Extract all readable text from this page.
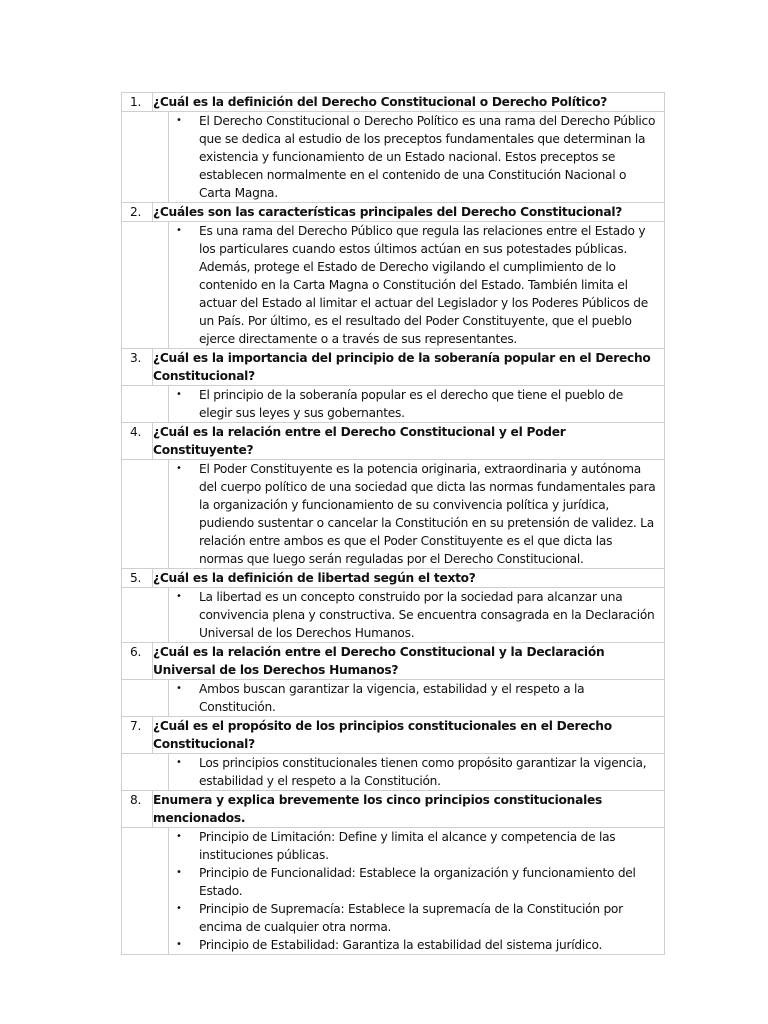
1. ¿Cuál es la definición del Derecho Constitucional o Derecho Político?
•	El Derecho Constitucional o Derecho Político es una rama del Derecho Público que se dedica al estudio de los preceptos fundamentales que determinan la existencia y funcionamiento de un Estado nacional. Estos preceptos se establecen normalmente en el contenido de una Constitución Nacional o Carta Magna.
2. ¿Cuáles son las características principales del Derecho Constitucional?
•	Es una rama del Derecho Público que regula las relaciones entre el Estado y los particulares cuando estos últimos actúan en sus potestades públicas. Además, protege el Estado de Derecho vigilando el cumplimiento de lo contenido en la Carta Magna o Constitución del Estado. También limita el actuar del Estado al limitar el actuar del Legislador y los Poderes Públicos de un País. Por último, es el resultado del Poder Constituyente, que el pueblo ejerce directamente o a través de sus representantes.
3. ¿Cuál es la importancia del principio de la soberanía popular en el Derecho Constitucional?
•	El principio de la soberanía popular es el derecho que tiene el pueblo de elegir sus leyes y sus gobernantes.
4. ¿Cuál es la relación entre el Derecho Constitucional y el Poder Constituyente?
•	El Poder Constituyente es la potencia originaria, extraordinaria y autónoma del cuerpo político de una sociedad que dicta las normas fundamentales para la organización y funcionamiento de su convivencia política y jurídica, pudiendo sustentar o cancelar la Constitución en su pretensión de validez. La relación entre ambos es que el Poder Constituyente es el que dicta las normas que luego serán reguladas por el Derecho Constitucional.
5. ¿Cuál es la definición de libertad según el texto?
•	La libertad es un concepto construido por la sociedad para alcanzar una convivencia plena y constructiva. Se encuentra consagrada en la Declaración Universal de los Derechos Humanos.
6. ¿Cuál es la relación entre el Derecho Constitucional y la Declaración Universal de los Derechos Humanos?
•	Ambos buscan garantizar la vigencia, estabilidad y el respeto a la Constitución.
7. ¿Cuál es el propósito de los principios constitucionales en el Derecho Constitucional?
•	Los principios constitucionales tienen como propósito garantizar la vigencia, estabilidad y el respeto a la Constitución.
8. Enumera y explica brevemente los cinco principios constitucionales mencionados.
•	Principio de Limitación: Define y limita el alcance y competencia de las instituciones públicas.
•	Principio de Funcionalidad: Establece la organización y funcionamiento del Estado.
•	Principio de Supremacía: Establece la supremacía de la Constitución por encima de cualquier otra norma.
•	Principio de Estabilidad: Garantiza la estabilidad del sistema jurídico.
